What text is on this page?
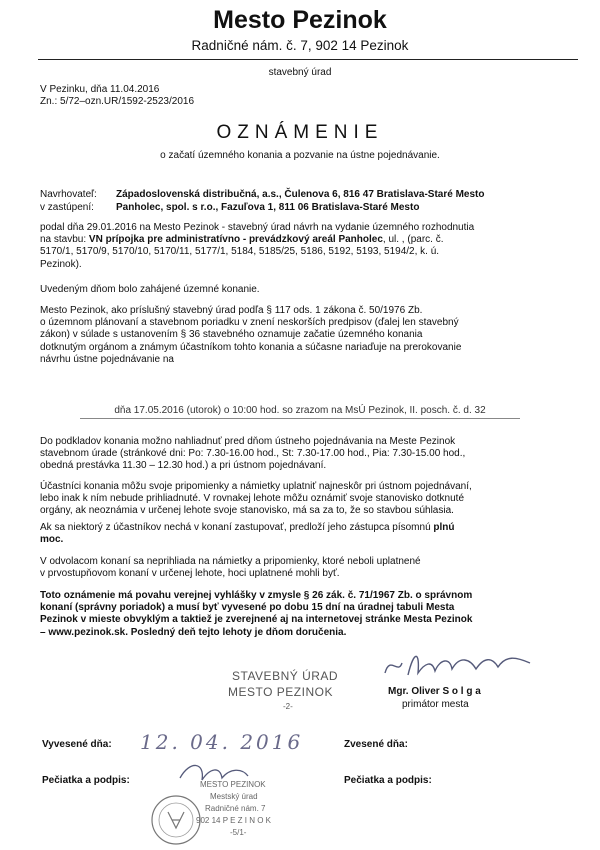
Mesto Pezinok
Radničné nám. č. 7, 902 14 Pezinok
stavebný úrad
V Pezinku, dňa 11.04.2016
Zn.: 5/72–ozn.UR/1592-2523/2016
OZNÁMENIE
o začatí územného konania a pozvanie na ústne pojednávanie.
Navrhovateľ: Západoslovenská distribučná, a.s., Čulenova 6, 816 47 Bratislava-Staré Mesto
v zastúpení: Panholec, spol. s r.o., Fazuľova 1, 811 06 Bratislava-Staré Mesto
podal dňa 29.01.2016 na Mesto Pezinok - stavebný úrad návrh na vydanie územného rozhodnutia
na stavbu: VN prípojka pre administratívno - prevádzkový areál Panholec, ul. , (parc. č.
5170/1, 5170/9, 5170/10, 5170/11, 5177/1, 5184, 5185/25, 5186, 5192, 5193, 5194/2, k. ú.
Pezinok).
Uvedeným dňom bolo zahájené územné konanie.
Mesto Pezinok, ako príslušný stavebný úrad podľa § 117 ods. 1 zákona č. 50/1976 Zb.
o územnom plánovaní a stavebnom poriadku v znení neskorších predpisov (ďalej len stavebný
zákon) v súlade s ustanovením § 36 stavebného oznamuje začatie územného konania
dotknutým orgánom a známym účastníkom tohto konania a súčasne nariaďuje na prerokovanie
návrhu ústne pojednávanie na
dňa 17.05.2016 (utorok) o 10:00 hod. so zrazom na MsÚ Pezinok, II. posch. č. d. 32
Do podkladov konania možno nahliadnuť pred dňom ústneho pojednávania na Meste Pezinok
stavebnom úrade (stránkové dni: Po: 7.30-16.00 hod., St: 7.30-17.00 hod., Pia: 7.30-15.00 hod.,
obedná prestávka 11.30 – 12.30 hod.) a pri ústnom pojednávaní.
Účastníci konania môžu svoje pripomienky a námietky uplatniť najneskôr pri ústnom pojednávaní,
lebo inak k ním nebude prihliadnuté. V rovnakej lehote môžu oznámiť svoje stanovisko dotknuté
orgány, ak neoznámia v určenej lehote svoje stanovisko, má sa za to, že so stavbou súhlasia.
Ak sa niektorý z účastníkov nechá v konaní zastupovať, predloží jeho zástupca písomnú plnú
moc.
V odvolacom konaní sa neprihliada na námietky a pripomienky, ktoré neboli uplatnené
v prvostupňovom konaní v určenej lehote, hoci uplatnené mohli byť.
Toto oznámenie má povahu verejnej vyhlášky v zmysle § 26 zák. č. 71/1967 Zb. o správnom
konaní (správny poriadok) a musí byť vyvesené po dobu 15 dní na úradnej tabuli Mesta
Pezinok v mieste obvyklým a taktiež je zverejnené aj na internetovej stránke Mesta Pezinok
– www.pezinok.sk. Posledný deň tejto lehoty je dňom doručenia.
STAVEBNÝ ÚRAD
MESTO PEZINOK
-2-
Mgr. Oliver S o l g a
primátor mesta
Vyvesené dňa: 12. 04. 2016	Zvesené dňa:
Pečiatka a podpis:	Pečiatka a podpis:
MESTO PEZINOK
Mestský úrad
Radničné nám. 7
902 14 P E Z I N O K
-5/1-
